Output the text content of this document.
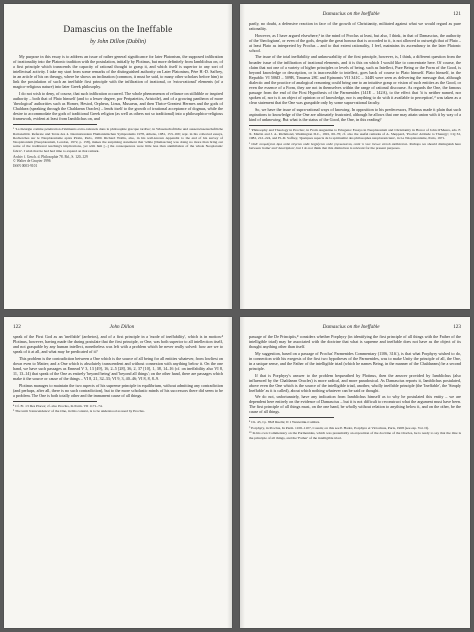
Damascius on the Ineffable
by John Dillon (Dublin)

My purpose in this essay is to address an issue of rather general significance for later Platonism, the supposed infiltration of irrationality into the Platonic tradition with the postulation, initially by Plotinus, but more definitely from Iamblichus on, of a first principle which transcends the capacity of rational thought to grasp it, and which itself is superior to any sort of intellectual activity. I take my start from some remarks of the distinguished authority on Later Platonism, Père H.-D. Saffrey, in an article of his on theurgy, where he shows an inclination (common, it must be said, to many other scholars before him) to link the postulation of such an ineffable first principle with the infiltration of irrational, or 'extra-rational' elements (of a magico-religious nature) into later Greek philosophy.

I do not wish to deny, of course, that such infiltration occurred. The whole phenomenon of reliance on stilldible or inspired authority – both that of Plato himself (and to a lesser degree, por Peripatetics, Aristotle), and of a growing pantheon of more 'theological' authorities such as Homer, Hesiod, Orpheus, Linus, Musaeus, and then Thrice-Greatest Hermes and the gods of Chaldaea (speaking through the Chaldaean Oracles) – lends itself to the growth of irrational acceptance of dogmas, while the desire to accommodate the gods of traditional Greek religion (as well as others not so traditional) into a philosophico-religious framework, evident at least from Iamblichus on, and

¹ 'La théurgie comme pénétration d'éléments extra-rationels dans la philosophie grecque tardive', in Wissenschaftliche und ausserwissenschaftliche Rationalität. Referate und Texte des 4. Internationalen Humanistischen Symposiums 1978, Athens, 1981, 153–169; repr. in his collected essays, Recherches sur le Néoplatonisme après Plotin, Paris, 1990. Richard Wallis, also, in his well-known Appendix to the end of his survey of Neoplatonism (Neoplatonism, London, 1972, p. 158), makes the surprising statement that 'while [Damascius] was doing no more than bring out some of the traditional teaching's implications, yet with him [...] the consequences were little less than annihilation of the whole Neoplatonic fabric'. I wish that he had had time to expand on that remark.

Archiv f. Gesch. d. Philosophie 78. Bd., S. 120–129
© Walter de Gruyter 1996
ISSN 0003-9101
Damascius on the Ineffable	121

partly, no doubt, a defensive reaction in face of the growth of Christianity, militated against what we would regard as pure rationality.

However, as I have argued elsewhere,² in the mind of Proclus at least, but also, I think, in that of Damascius, the authority of the 'theologians', or even of the gods, despite the great honour that is accorded to it, is not allowed to outweigh that of Plato – at least Plato as interpreted by Proclus – and to that extent rationality, I feel, maintains its ascendancy in the later Platonic school.

The issue of the total ineffability and unknowability of the first principle, however, is, I think, a different question from the broader issue of the infiltration of irrational elements, and it is this on which I would like to concentrate here. Of course, the claim that not one of a variety of higher principles or levels of being, such as Intellect, Pure Being or the Form of the Good, is beyond knowledge or description, or is inaccessible to intellect, goes back of course to Plato himself. Plato himself, in the Republic VI 506D – 509B, Timaeus 28C and Epinomis VII 341C – 344B were seen as delivering the message that, although dialectic and the practice of analogical reasoning could bring one to an intuitive grasp or vision of such entities as the Good, or even the essence of a Form, they are not in themselves within the range of rational discourse. As regards the One, the famous passage from the end of the First Hypothesis of the Parmenides (141E – 142A), to the effect that 'it is neither named, nor spoken of, nor is it an object of opinion or of knowledge, nor is anything to do with it available to perception',³ was taken as a clear statement that the One was graspable only by some supra-rational faculty.

So, we have the issue of supra-rational ways of knowing. In opposition to his predecessors, Plotinus made it plain that such aspirations to knowledge of the One are ultimately frustrated, although he allows that one may attain union with it by way of a kind of unknowing. But what is the status of the Good, the One, in this reading?

² 'Philosophy and Theology in Proclus', in From Augustine to Eriugena: Essays in Neoplatonism and Christianity in Honor of John O'Meara, eds. F. X. Martin and J. A. Richmond, Washington D.C., 1991, 66–76; cf. also the useful remarks of A. Sheppard, 'Proclus' Attitude to Theurgy', CQ 32, 1982, 212–224, and H.-D. Saffrey, 'Quelques aspects de la spiritualité des philosophes néoplatoniciens', in Le Néoplatonisme, Paris, 1971.

³ Οὐδ' ὀνομάζεται ἄρα οὐδὲ λέγεται οὐδὲ δοξάζεται οὐδὲ γιγνώσκεται, οὐδέ τι τῶν ὄντων αὐτοῦ αἰσθάνεται. Perhaps we should distinguish here between 'name' and 'description', but I do not think that this distinction is relevant for the present purposes.

122	John Dillon

speak of the First God as an 'ineffable' (arrhetos), and of a first principle in a 'mode of ineffability', which is in motion.⁴ Plotinus, however, having made the daring postulate that the first principle, or One, was both superior to all intellection itself, and not graspable by any human intellect, nonetheless was left with a problem which he never really solved: how are we to speak of it at all, and what may be predicated of it?

This problem is the contradiction between a One which is the source of all being for all entities whatever, from lowliest on down even to Matter; and a One which is absolutely transcendent and without connexion with anything below it. On the one hand, we have such passages as Ennead V 3, 13 [49], 16, 2–5 [28], 36, 2, 37 [10], 1, 38, 14–16 (cf. on ineffability also VI 8, 11, 13–14) that speak of the One as entirely 'beyond being' and 'beyond all things'; on the other hand, there are passages which make it the source or cause of the things – VI 8, 21, 32–33; VI 9, 3, 40–46; VI 8, 8, 8–9.

Plotinus manages to maintain the two aspects of his supreme principle in equilibrium, without admitting any contradiction (and perhaps, after all, there is no such contradiction), but to the more scholastic minds of his successors there did seem to be a problem. The One is both totally other and the immanent cause of all things.

⁴ Cf. Fr. 13 Des Places; cf. also Proclus, In Parm. VII 1171–74.

⁵ The term 'transcendence' of the One, in this context, is to be understood as used by Proclus.

Damascius on the Ineffable	123

passage of the De Principiis,⁸ considers whether Porphyry (in identifying the first principle of all things with the Father of the intelligible triad) may be associated with the doctrine that what is supreme and ineffable does not have as the object of its thought anything other than itself.

My suggestion, based on a passage of Proclus' Parmenides Commentary (1106, 31ff.), is that what Porphyry wished to do, in connection with his exegesis of the first two hypotheses of the Parmenides, was to make Unity the principle of all, the One, in a unique sense, and the Father of the intelligible triad (which he names Being, in the manner of the Chaldaeans) be a second principle.

If that is Porphyry's answer to the problem bequeathed by Plotinus, then the answer provided by Iamblichus (also influenced by the Chaldaean Oracles) is more radical, and more paradoxical. As Damascius reports it, Iamblichus postulated, above even the One which is the source of the intelligible triad, another, wholly ineffable principle (the 'Ineffable', the 'Simply Ineffable' as it is called), about which nothing whatever can be said or thought.

We do not, unfortunately, have any indication from Iamblichus himself as to why he postulated this entity – we are dependent here entirely on the evidence of Damascius – but it is not difficult to reconstruct what the argument must have been. The first principle of all things must, on the one hand, be wholly without relation to anything below it, and on the other, be the cause of all things.

⁸ Ch. 43, I p. 86.8 Ruelle; II 1 Westerink-Combès.

⁹ Porphyry, in Proclus, In Parm. 1106–1107, Cousin; on this see P. Hadot, Porphyre et Victorinus, Paris, 1968 (see esp. Vol. II).

¹⁰ In his own Commentary on the Parmenides, which was presumably an exposition of the doctrine of the Oracles, he is ready to say that the One is the principle of all things, and the 'Father' of the intelligible triad.
